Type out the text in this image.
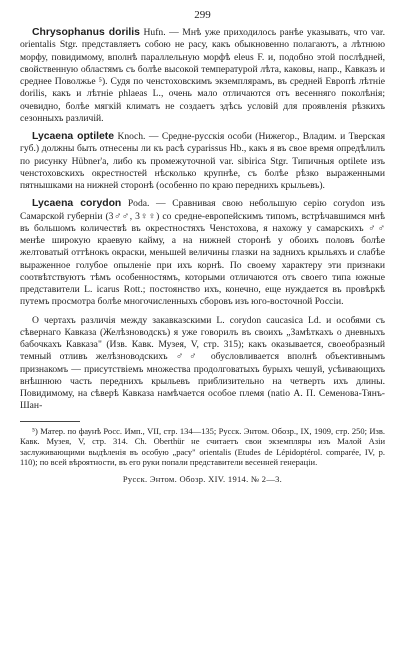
299

Chrysophanus dorilis Hufn. — Мнѣ уже приходилось ранѣе указывать, что var. orientalis Stgr. представляетъ собою не расу, какъ обыкновенно полагаютъ, а лѣтнюю морфу, повидимому, вполнѣ параллельную морфѣ eleus F. и, подобно этой послѣдней, свойственную областямъ съ болѣе высокой температурой лѣта, каковы, напр., Кавказъ и среднее Поволжье ⁵). Судя по ченстоховскимъ экземплярамъ, въ средней Европѣ лѣтніе dorilis, какъ и лѣтніе phlaeas L., очень мало отличаются отъ весенняго поколѣнія; очевидно, болѣе мягкій климатъ не создаетъ здѣсь условій для проявленія рѣзкихъ сезонныхъ различій.

Lycaena optilete Knoch. — Средне-русскія особи (Нижегор., Владим. и Тверская губ.) должны быть отнесены ли къ расѣ cyparissus Hb., какъ я въ свое время опредѣлилъ по рисунку Hübner'a, либо къ промежуточной var. sibirica Stgr. Типичныя optilete изъ ченстоховскихъ окрестностей нѣсколько крупнѣе, съ болѣе рѣзко выраженными пятнышками на нижней сторонѣ (особенно по краю переднихъ крыльевъ).

Lycaena corydon Poda. — Сравнивая свою небольшую серію corydon изъ Самарской губерніи (3♂♂, 3♀♀) со средне-европейскимъ типомъ, встрѣчавшимся мнѣ въ большомъ количествѣ въ окрестностяхъ Ченстохова, я нахожу у самарскихъ ♂♂ менѣе широкую краевую кайму, а на нижней сторонѣ у обоихъ половъ болѣе желтоватый оттѣнокъ окраски, меньшей величины глазки на заднихъ крыльяхъ и слабѣе выраженное голубое опыленіе при ихъ корнѣ. По своему характеру эти признаки соотвѣтствуютъ тѣмъ особенностямъ, которыми отличаются отъ своего типа южные представители L. icarus Rott.; постоянство ихъ, конечно, еще нуждается въ провѣркѣ путемъ просмотра болѣе многочисленныхъ сборовъ изъ юго-восточной Россіи.

О чертахъ различія между закавказскими L. corydon caucasica Ld. и особями съ сѣвернаго Кавказа (Желѣзноводскъ) я уже говорилъ въ своихъ „Замѣткахъ о дневныхъ бабочкахъ Кавказа" (Изв. Кавк. Музея, V, стр. 315); какъ оказывается, своеобразный темный отливъ желѣзноводскихъ ♂♂ обусловливается вполнѣ объективнымъ признакомъ — присутствіемъ множества продолговатыхъ бурыхъ чешуй, усѣивающихъ внѣшнюю часть переднихъ крыльевъ приблизительно на четверть ихъ длины. Повидимому, на сѣверѣ Кавказа намѣчается особое племя (natio А. П. Семенова-Тянъ-Шан-

⁵) Матер. по фаунѣ Росс. Имп., VII, стр. 134—135; Русск. Энтом. Обозр., IX, 1909, стр. 250; Изв. Кавк. Музея, V, стр. 314. Ch. Oberthür не считаетъ свои экземпляры изъ Малой Азіи заслуживающими выдѣленія въ особую „расу" orientalis (Etudes de Lépidoptérol. comparée, IV, p. 110); по всей вѣроятности, въ его руки попали представители весенней генераціи.

Русск. Энтом. Обозр. XIV. 1914. № 2—3.
